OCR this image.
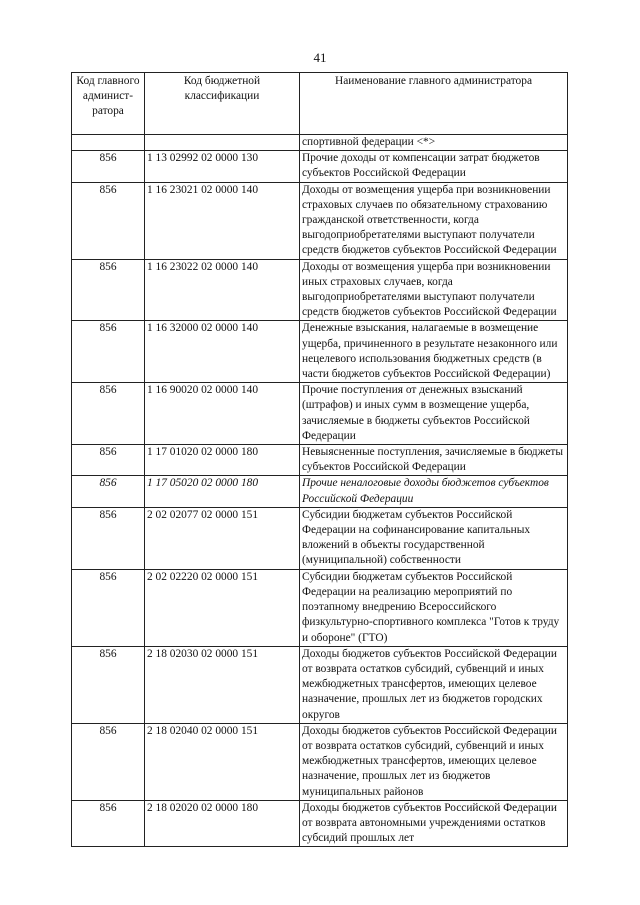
41
Код главного админист-ратора	Код бюджетной классификации	Наименование главного администратора
		спортивной федерации <*>
856	1 13 02992 02 0000 130	Прочие доходы от компенсации затрат бюджетов субъектов Российской Федерации
856	1 16 23021 02 0000 140	Доходы от возмещения ущерба при возникновении страховых случаев по обязательному страхованию гражданской ответственности, когда выгодоприобретателями выступают получатели средств бюджетов субъектов Российской Федерации
856	1 16 23022 02 0000 140	Доходы от возмещения ущерба при возникновении иных страховых случаев, когда выгодоприобретателями выступают получатели средств бюджетов субъектов Российской Федерации
856	1 16 32000 02 0000 140	Денежные взыскания, налагаемые в возмещение ущерба, причиненного в результате незаконного или нецелевого использования бюджетных средств (в части бюджетов субъектов Российской Федерации)
856	1 16 90020 02 0000 140	Прочие поступления от денежных взысканий (штрафов) и иных сумм в возмещение ущерба, зачисляемые в бюджеты субъектов Российской Федерации
856	1 17 01020 02 0000 180	Невыясненные поступления, зачисляемые в бюджеты субъектов Российской Федерации
856	1 17 05020 02 0000 180	Прочие неналоговые доходы бюджетов субъектов Российской Федерации
856	2 02 02077 02 0000 151	Субсидии бюджетам субъектов Российской Федерации на софинансирование капитальных вложений в объекты государственной (муниципальной) собственности
856	2 02 02220 02 0000 151	Субсидии бюджетам субъектов Российской Федерации на реализацию мероприятий по поэтапному внедрению Всероссийского физкультурно-спортивного комплекса "Готов к труду и обороне" (ГТО)
856	2 18 02030 02 0000 151	Доходы бюджетов субъектов Российской Федерации от возврата остатков субсидий, субвенций и иных межбюджетных трансфертов, имеющих целевое назначение, прошлых лет из бюджетов городских округов
856	2 18 02040 02 0000 151	Доходы бюджетов субъектов Российской Федерации от возврата остатков субсидий, субвенций и иных межбюджетных трансфертов, имеющих целевое назначение, прошлых лет из бюджетов муниципальных районов
856	2 18 02020 02 0000 180	Доходы бюджетов субъектов Российской Федерации от возврата автономными учреждениями остатков субсидий прошлых лет
